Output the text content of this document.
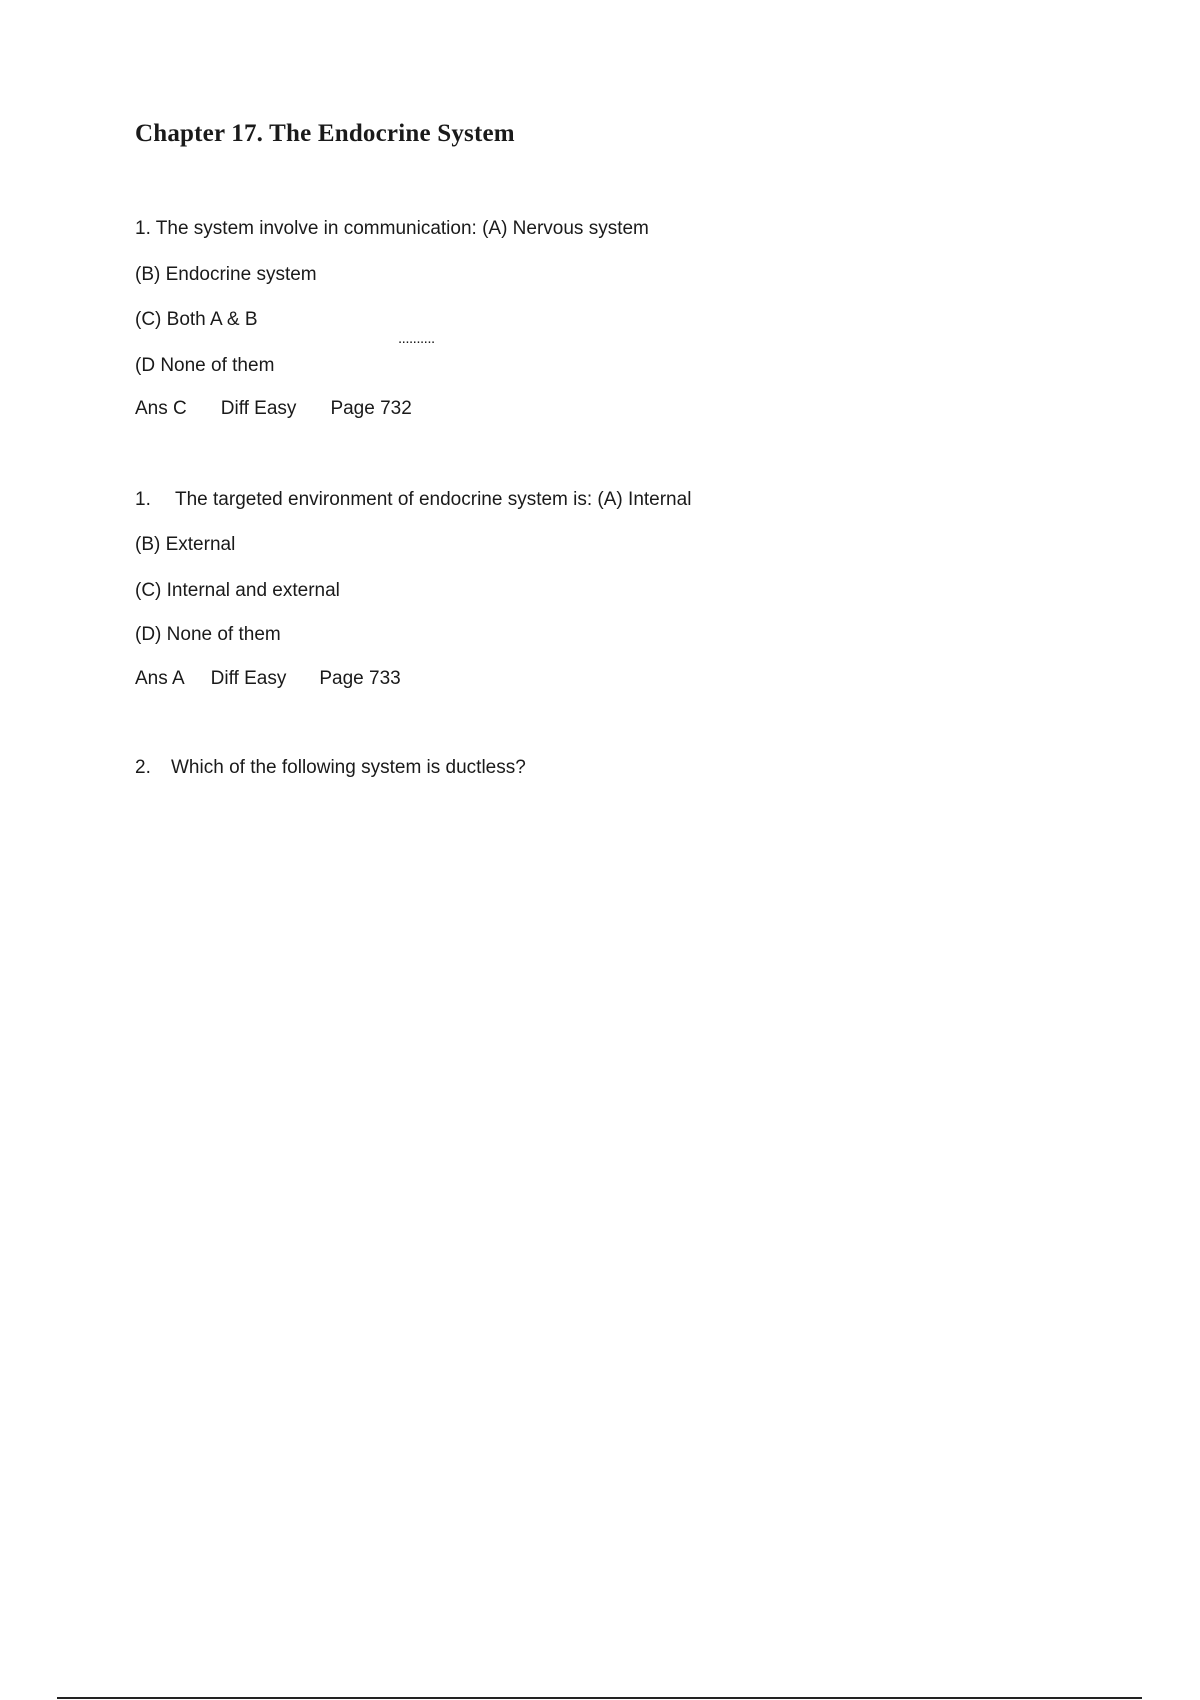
Chapter 17. The Endocrine System

1. The system involve in communication: (A) Nervous system

(B) Endocrine system

(C) Both A & B

..........

(D None of them

Ans C Diff Easy Page 732

1. The targeted environment of endocrine system is: (A) Internal

(B) External

(C) Internal and external

(D) None of them

Ans A Diff Easy Page 733

2. Which of the following system is ductless?
